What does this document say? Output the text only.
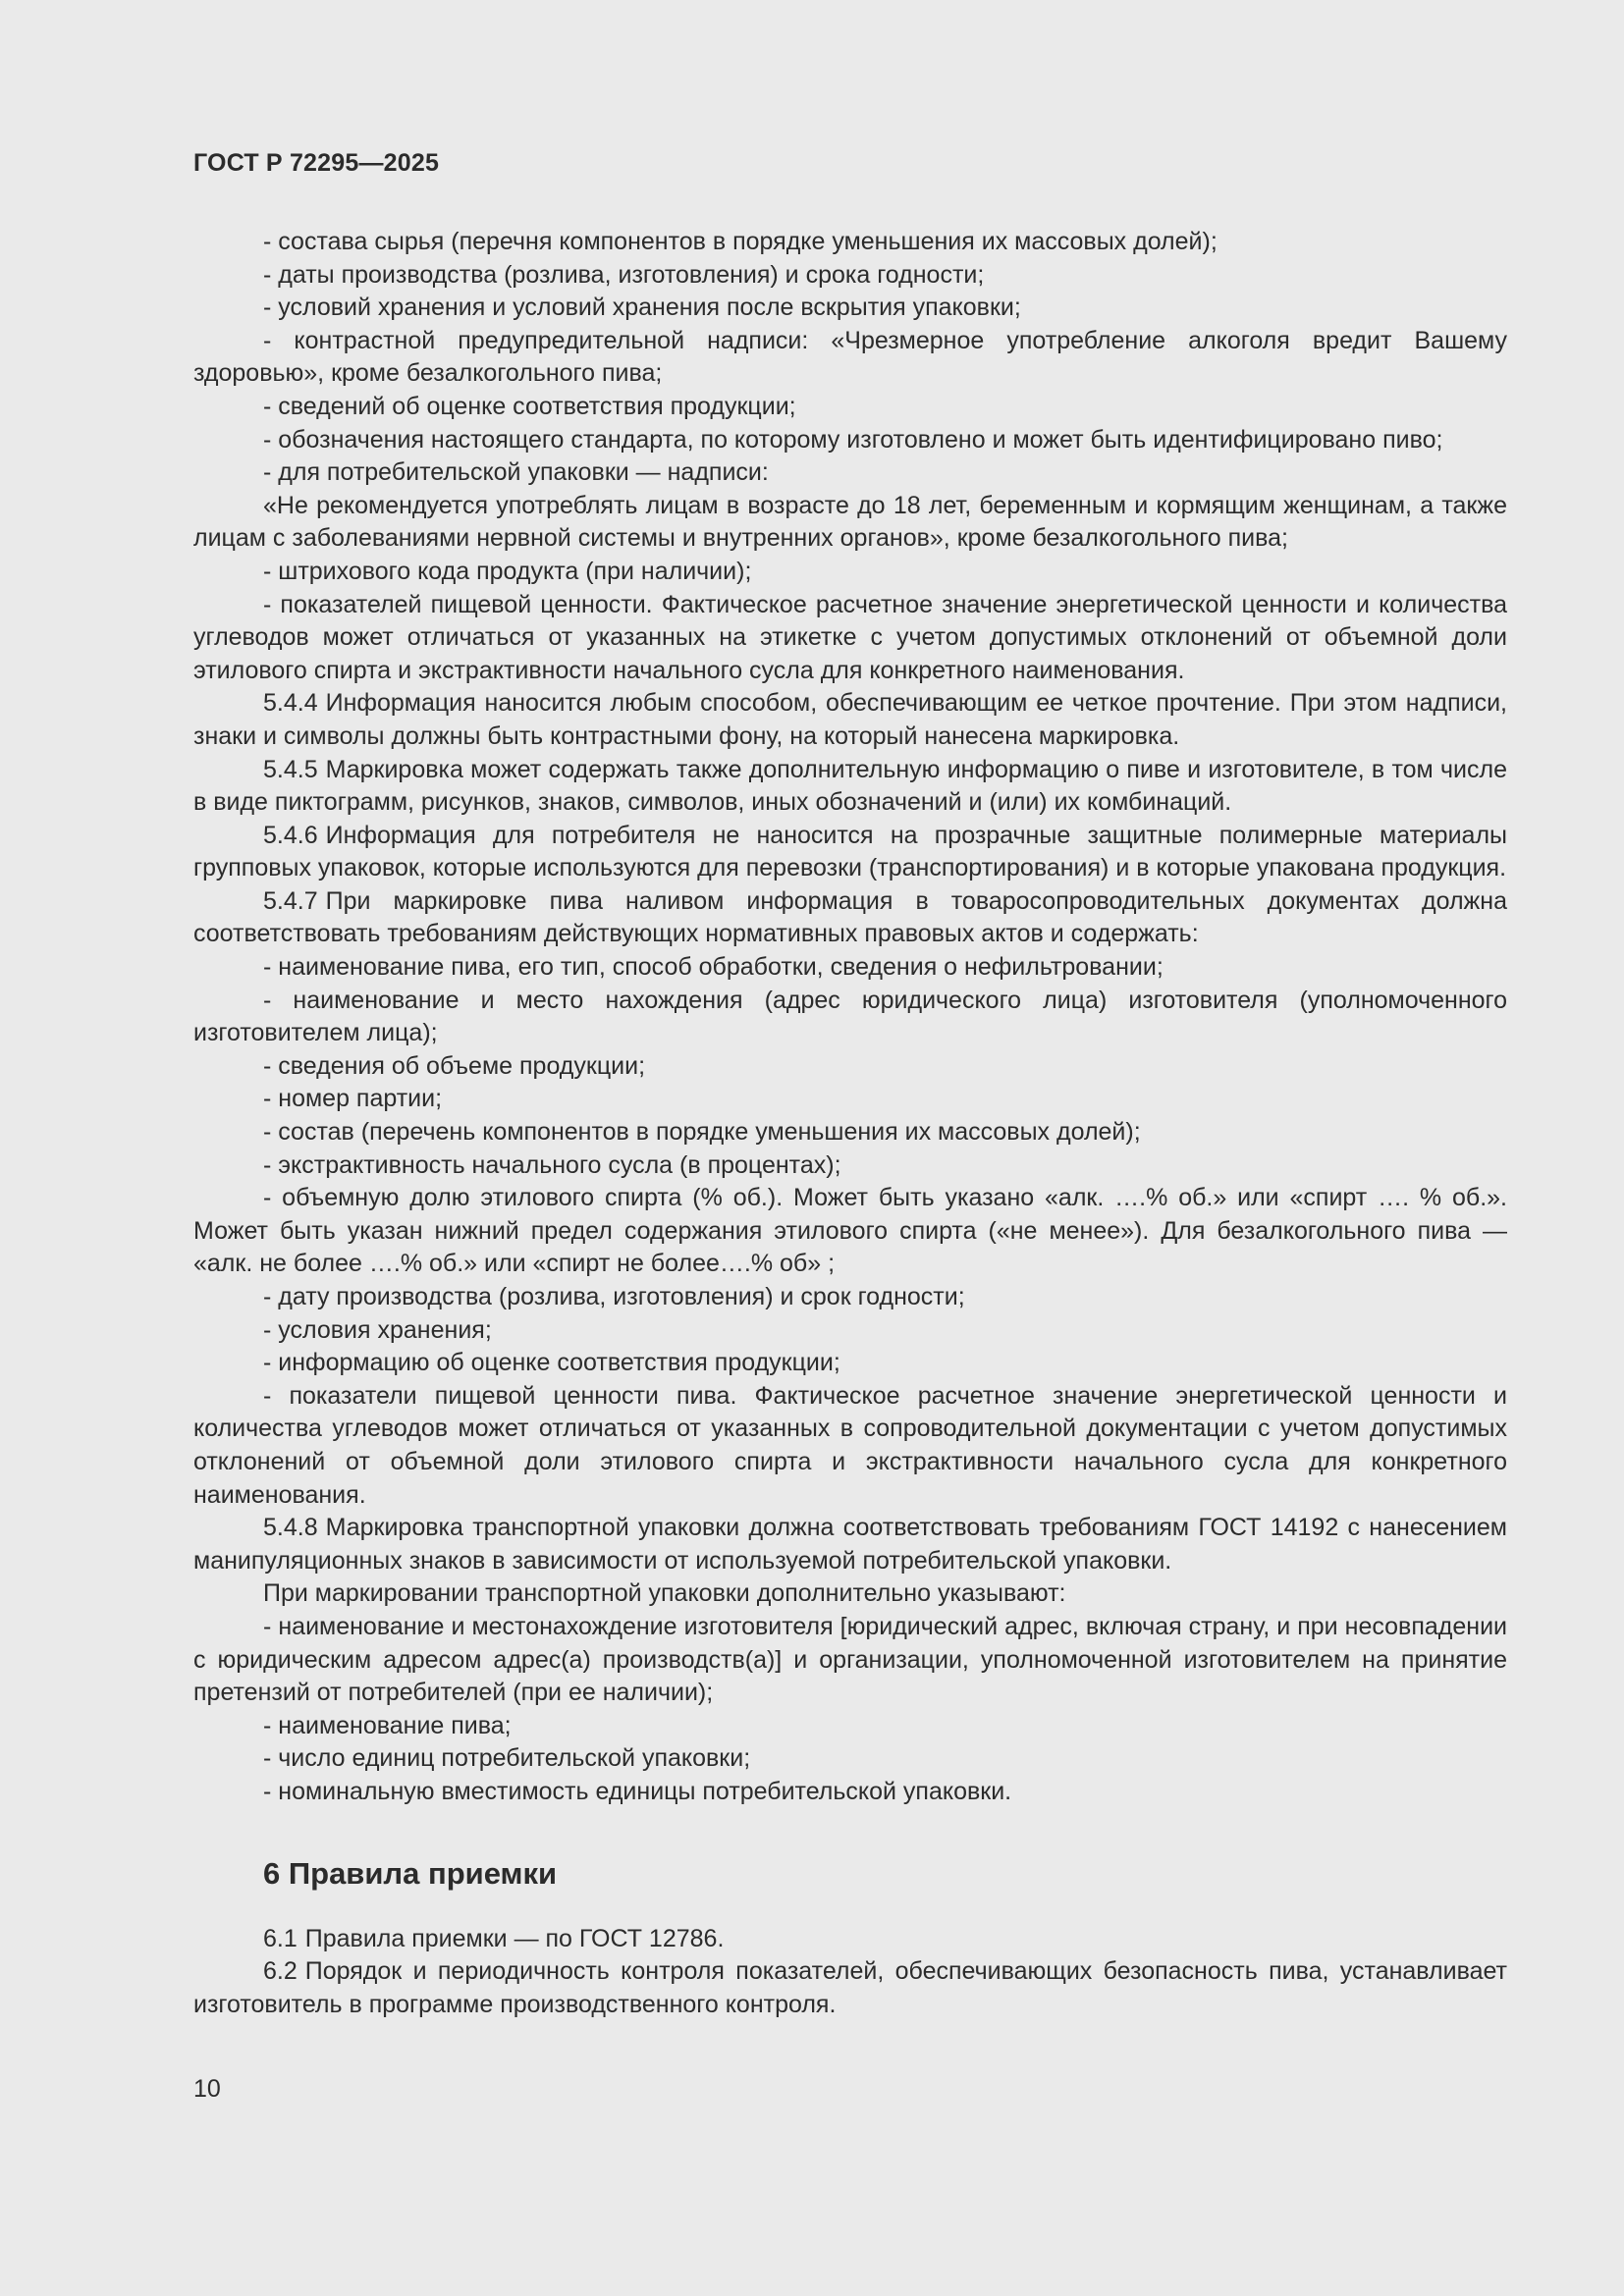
ГОСТ Р 72295—2025

- состава сырья (перечня компонентов в порядке уменьшения их массовых долей);

- даты производства (розлива, изготовления) и срока годности;

- условий хранения и условий хранения после вскрытия упаковки;

- контрастной предупредительной надписи: «Чрезмерное употребление алкоголя вредит Вашему здоровью», кроме безалкогольного пива;

- сведений об оценке соответствия продукции;

- обозначения настоящего стандарта, по которому изготовлено и может быть идентифицировано пиво;

- для потребительской упаковки — надписи:

«Не рекомендуется употреблять лицам в возрасте до 18 лет, беременным и кормящим женщинам, а также лицам с заболеваниями нервной системы и внутренних органов», кроме безалкогольного пива;

- штрихового кода продукта (при наличии);

- показателей пищевой ценности. Фактическое расчетное значение энергетической ценности и количества углеводов может отличаться от указанных на этикетке с учетом допустимых отклонений от объемной доли этилового спирта и экстрактивности начального сусла для конкретного наименования.

5.4.4 Информация наносится любым способом, обеспечивающим ее четкое прочтение. При этом надписи, знаки и символы должны быть контрастными фону, на который нанесена маркировка.

5.4.5 Маркировка может содержать также дополнительную информацию о пиве и изготовителе, в том числе в виде пиктограмм, рисунков, знаков, символов, иных обозначений и (или) их комбинаций.

5.4.6 Информация для потребителя не наносится на прозрачные защитные полимерные материалы групповых упаковок, которые используются для перевозки (транспортирования) и в которые упакована продукция.

5.4.7 При маркировке пива наливом информация в товаросопроводительных документах должна соответствовать требованиям действующих нормативных правовых актов и содержать:

- наименование пива, его тип, способ обработки, сведения о нефильтровании;

- наименование и место нахождения (адрес юридического лица) изготовителя (уполномоченного изготовителем лица);

- сведения об объеме продукции;

- номер партии;

- состав (перечень компонентов в порядке уменьшения их массовых долей);

- экстрактивность начального сусла (в процентах);

- объемную долю этилового спирта (% об.). Может быть указано «алк. ….% об.» или «спирт …. % об.». Может быть указан нижний предел содержания этилового спирта («не менее»). Для безалкогольного пива — «алк. не более ….% об.» или «спирт не более….% об» ;

- дату производства (розлива, изготовления) и срок годности;

- условия хранения;

- информацию об оценке соответствия продукции;

- показатели пищевой ценности пива. Фактическое расчетное значение энергетической ценности и количества углеводов может отличаться от указанных в сопроводительной документации с учетом допустимых отклонений от объемной доли этилового спирта и экстрактивности начального сусла для конкретного наименования.

5.4.8 Маркировка транспортной упаковки должна соответствовать требованиям ГОСТ 14192 с нанесением манипуляционных знаков в зависимости от используемой потребительской упаковки.

При маркировании транспортной упаковки дополнительно указывают:

- наименование и местонахождение изготовителя [юридический адрес, включая страну, и при несовпадении с юридическим адресом адрес(а) производств(а)] и организации, уполномоченной изготовителем на принятие претензий от потребителей (при ее наличии);

- наименование пива;

- число единиц потребительской упаковки;

- номинальную вместимость единицы потребительской упаковки.

6 Правила приемки

6.1 Правила приемки — по ГОСТ 12786.

6.2 Порядок и периодичность контроля показателей, обеспечивающих безопасность пива, устанавливает изготовитель в программе производственного контроля.

10
